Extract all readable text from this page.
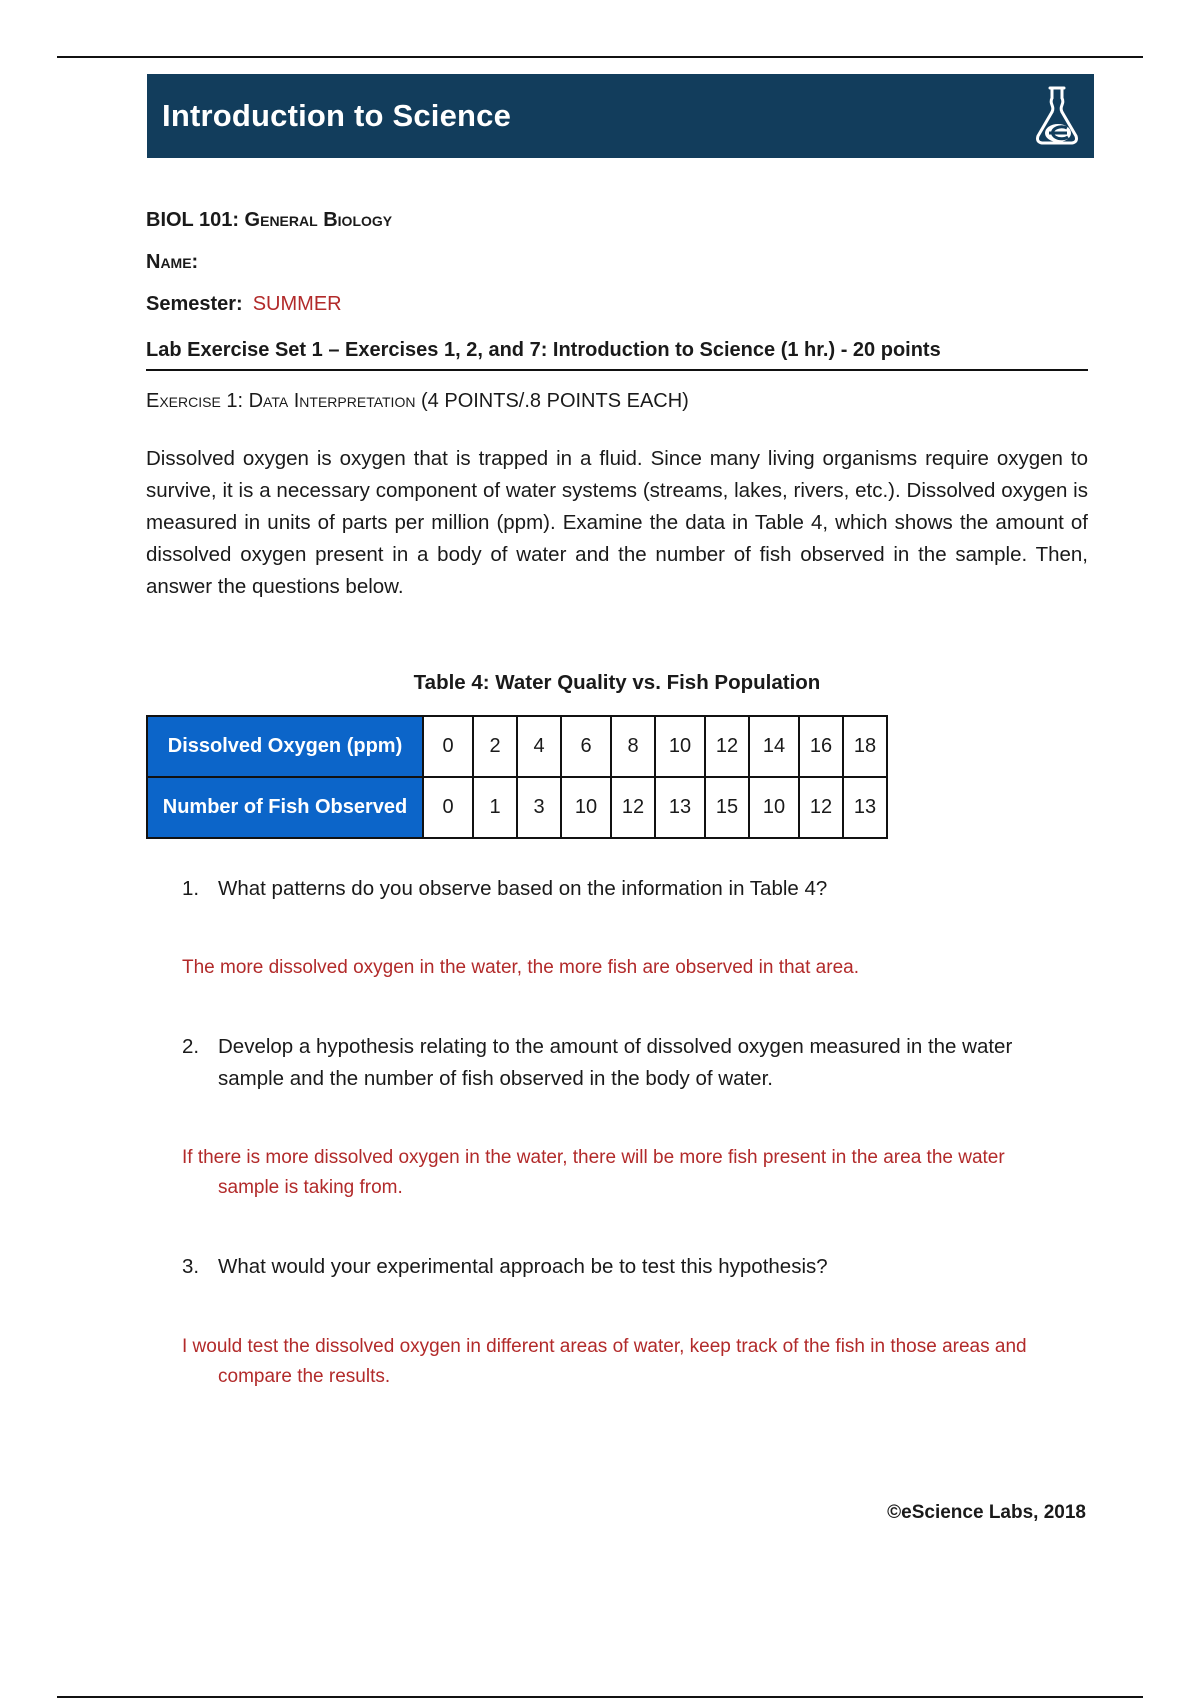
Introduction to Science
BIOL 101: General Biology
Name:
Semester: SUMMER
Lab Exercise Set 1 – Exercises 1, 2, and 7: Introduction to Science (1 hr.) - 20 points
Exercise 1: Data Interpretation (4 POINTS/.8 POINTS EACH)
Dissolved oxygen is oxygen that is trapped in a fluid. Since many living organisms require oxygen to survive, it is a necessary component of water systems (streams, lakes, rivers, etc.). Dissolved oxygen is measured in units of parts per million (ppm). Examine the data in Table 4, which shows the amount of dissolved oxygen present in a body of water and the number of fish observed in the sample. Then, answer the questions below.
Table 4: Water Quality vs. Fish Population
Dissolved Oxygen (ppm)	0	2	4	6	8	10	12	14	16	18
Number of Fish Observed	0	1	3	10	12	13	15	10	12	13
1. What patterns do you observe based on the information in Table 4?
The more dissolved oxygen in the water, the more fish are observed in that area.
2. Develop a hypothesis relating to the amount of dissolved oxygen measured in the water sample and the number of fish observed in the body of water.
If there is more dissolved oxygen in the water, there will be more fish present in the area the water
sample is taking from.
3. What would your experimental approach be to test this hypothesis?
I would test the dissolved oxygen in different areas of water, keep track of the fish in those areas and
compare the results.
©eScience Labs, 2018
